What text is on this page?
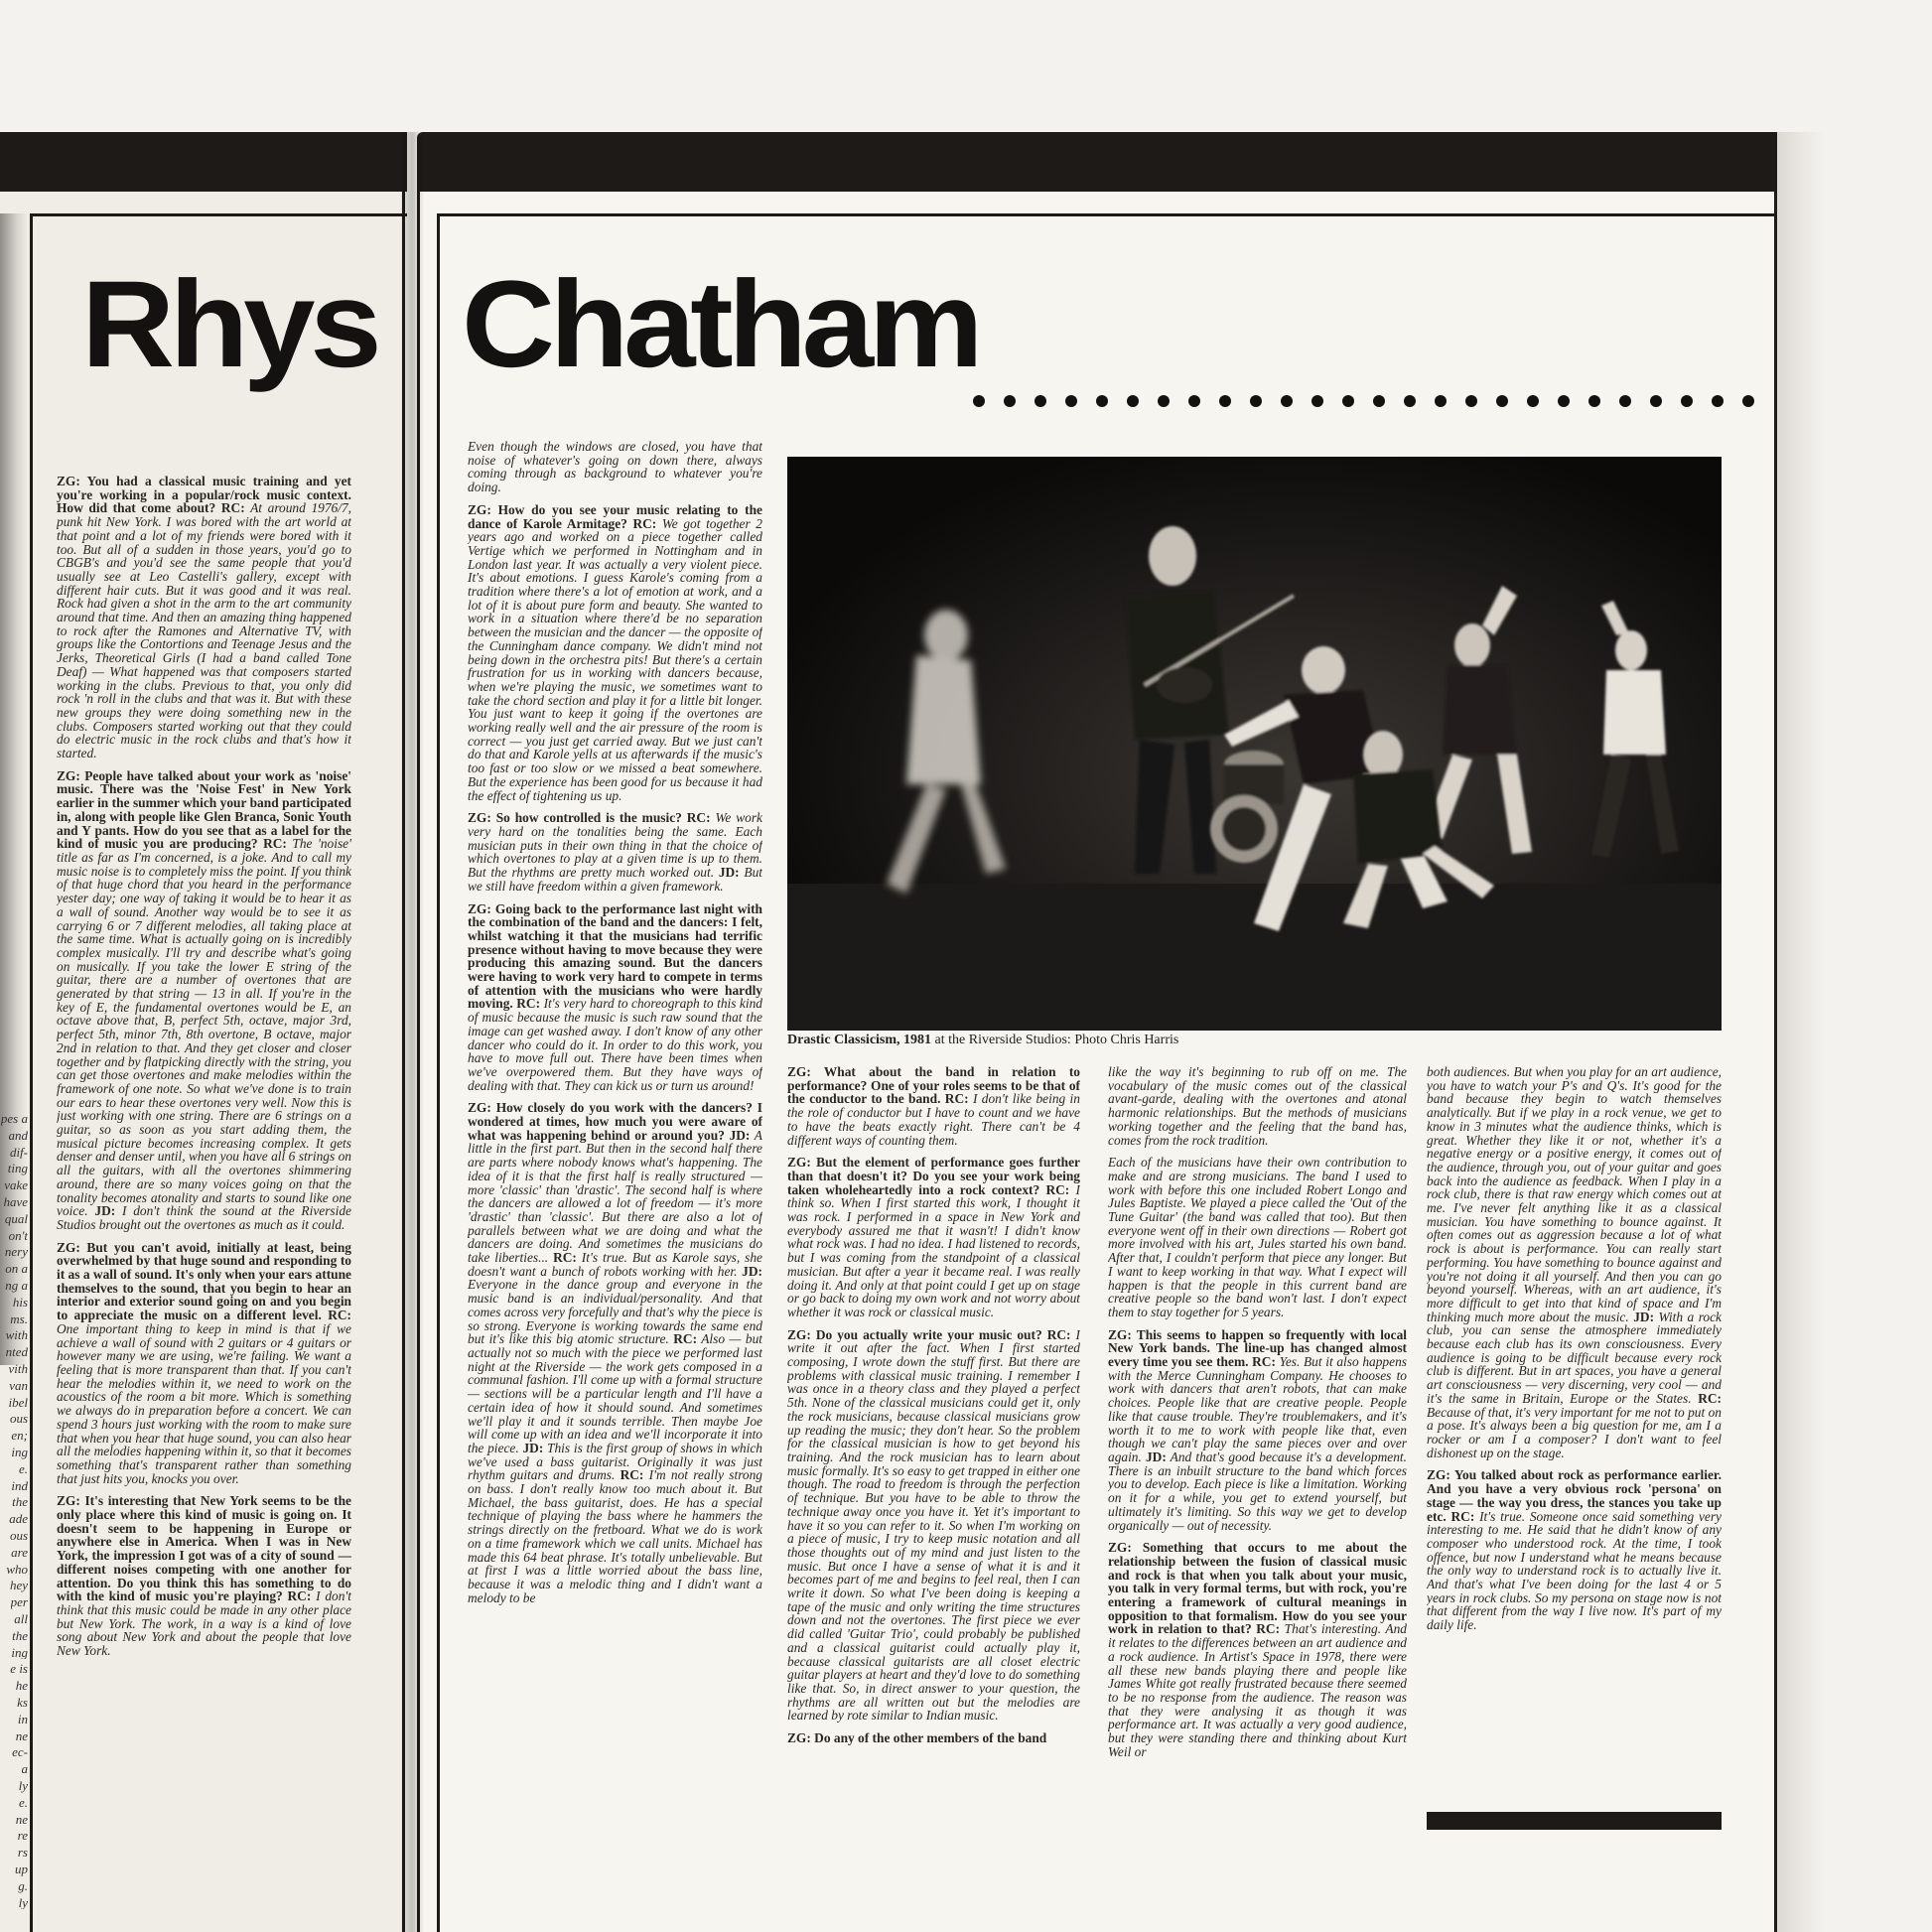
Rhys Chatham
pes a
and
dif-
ting
vake
have
qual
on't
nery
on a
ng a
his
ms.
with
nted
vith
van
ibel
ous
en;
ing
e.
ind
the
ade
ous
are
who
hey
per
all
the
ing
e is
he
ks
in
ne
ec-
a
ly
e.
ne
re
rs
up
g.
ly

ZG: You had a classical music training and yet you're working in a popular/rock music context. How did that come about? RC: At around 1976/7, punk hit New York. I was bored with the art world at that point and a lot of my friends were bored with it too. But all of a sudden in those years, you'd go to CBGB's and you'd see the same people that you'd usually see at Leo Castelli's gallery, except with different hair cuts. But it was good and it was real. Rock had given a shot in the arm to the art community around that time. And then an amazing thing happened to rock after the Ramones and Alternative TV, with groups like the Contortions and Teenage Jesus and the Jerks, Theoretical Girls (I had a band called Tone Deaf) — What happened was that composers started working in the clubs. Previous to that, you only did rock 'n roll in the clubs and that was it. But with these new groups they were doing something new in the clubs. Composers started working out that they could do electric music in the rock clubs and that's how it started.

ZG: People have talked about your work as 'noise' music. There was the 'Noise Fest' in New York earlier in the summer which your band participated in, along with people like Glen Branca, Sonic Youth and Y pants. How do you see that as a label for the kind of music you are producing? RC: The 'noise' title as far as I'm concerned, is a joke. And to call my music noise is to completely miss the point. If you think of that huge chord that you heard in the performance yester day; one way of taking it would be to hear it as a wall of sound. Another way would be to see it as carrying 6 or 7 different melodies, all taking place at the same time. What is actually going on is incredibly complex musically. I'll try and describe what's going on musically. If you take the lower E string of the guitar, there are a number of overtones that are generated by that string — 13 in all. If you're in the key of E, the fundamental overtones would be E, an octave above that, B, perfect 5th, octave, major 3rd, perfect 5th, minor 7th, 8th overtone, B octave, major 2nd in relation to that. And they get closer and closer together and by flatpicking directly with the string, you can get those overtones and make melodies within the framework of one note. So what we've done is to train our ears to hear these overtones very well. Now this is just working with one string. There are 6 strings on a guitar, so as soon as you start adding them, the musical picture becomes increasing complex. It gets denser and denser until, when you have all 6 strings on all the guitars, with all the overtones shimmering around, there are so many voices going on that the tonality becomes atonality and starts to sound like one voice. JD: I don't think the sound at the Riverside Studios brought out the overtones as much as it could.

ZG: But you can't avoid, initially at least, being overwhelmed by that huge sound and responding to it as a wall of sound. It's only when your ears attune themselves to the sound, that you begin to hear an interior and exterior sound going on and you begin to appreciate the music on a different level. RC: One important thing to keep in mind is that if we achieve a wall of sound with 2 guitars or 4 guitars or however many we are using, we're failing. We want a feeling that is more transparent than that. If you can't hear the melodies within it, we need to work on the acoustics of the room a bit more. Which is something we always do in preparation before a concert. We can spend 3 hours just working with the room to make sure that when you hear that huge sound, you can also hear all the melodies happening within it, so that it becomes something that's transparent rather than something that just hits you, knocks you over.

ZG: It's interesting that New York seems to be the only place where this kind of music is going on. It doesn't seem to be happening in Europe or anywhere else in America. When I was in New York, the impression I got was of a city of sound — different noises competing with one another for attention. Do you think this has something to do with the kind of music you're playing? RC: I don't think that this music could be made in any other place but New York. The work, in a way is a kind of love song about New York and about the people that love New York.

Even though the windows are closed, you have that noise of whatever's going on down there, always coming through as background to whatever you're doing.

ZG: How do you see your music relating to the dance of Karole Armitage? RC: We got together 2 years ago and worked on a piece together called Vertige which we performed in Nottingham and in London last year. It was actually a very violent piece. It's about emotions. I guess Karole's coming from a tradition where there's a lot of emotion at work, and a lot of it is about pure form and beauty. She wanted to work in a situation where there'd be no separation between the musician and the dancer — the opposite of the Cunningham dance company. We didn't mind not being down in the orchestra pits! But there's a certain frustration for us in working with dancers because, when we're playing the music, we sometimes want to take the chord section and play it for a little bit longer. You just want to keep it going if the overtones are working really well and the air pressure of the room is correct — you just get carried away. But we just can't do that and Karole yells at us afterwards if the music's too fast or too slow or we missed a beat somewhere. But the experience has been good for us because it had the effect of tightening us up.

ZG: So how controlled is the music? RC: We work very hard on the tonalities being the same. Each musician puts in their own thing in that the choice of which overtones to play at a given time is up to them. But the rhythms are pretty much worked out. JD: But we still have freedom within a given framework.

ZG: Going back to the performance last night with the combination of the band and the dancers: I felt, whilst watching it that the musicians had terrific presence without having to move because they were producing this amazing sound. But the dancers were having to work very hard to compete in terms of attention with the musicians who were hardly moving. RC: It's very hard to choreograph to this kind of music because the music is such raw sound that the image can get washed away. I don't know of any other dancer who could do it. In order to do this work, you have to move full out. There have been times when we've overpowered them. But they have ways of dealing with that. They can kick us or turn us around!

ZG: How closely do you work with the dancers? I wondered at times, how much you were aware of what was happening behind or around you? JD: A little in the first part. But then in the second half there are parts where nobody knows what's happening. The idea of it is that the first half is really structured — more 'classic' than 'drastic'. The second half is where the dancers are allowed a lot of freedom — it's more 'drastic' than 'classic'. But there are also a lot of parallels between what we are doing and what the dancers are doing. And sometimes the musicians do take liberties... RC: It's true. But as Karole says, she doesn't want a bunch of robots working with her. JD: Everyone in the dance group and everyone in the music band is an individual/personality. And that comes across very forcefully and that's why the piece is so strong. Everyone is working towards the same end but it's like this big atomic structure. RC: Also — but actually not so much with the piece we performed last night at the Riverside — the work gets composed in a communal fashion. I'll come up with a formal structure — sections will be a particular length and I'll have a certain idea of how it should sound. And sometimes we'll play it and it sounds terrible. Then maybe Joe will come up with an idea and we'll incorporate it into the piece. JD: This is the first group of shows in which we've used a bass guitarist. Originally it was just rhythm guitars and drums. RC: I'm not really strong on bass. I don't really know too much about it. But Michael, the bass guitarist, does. He has a special technique of playing the bass where he hammers the strings directly on the fretboard. What we do is work on a time framework which we call units. Michael has made this 64 beat phrase. It's totally unbelievable. But at first I was a little worried about the bass line, because it was a melodic thing and I didn't want a melody to be

ZG: What about the band in relation to performance? One of your roles seems to be that of the conductor to the band. RC: I don't like being in the role of conductor but I have to count and we have to have the beats exactly right. There can't be 4 different ways of counting them.

ZG: But the element of performance goes further than that doesn't it? Do you see your work being taken wholeheartedly into a rock context? RC: I think so. When I first started this work, I thought it was rock. I performed in a space in New York and everybody assured me that it wasn't! I didn't know what rock was. I had no idea. I had listened to records, but I was coming from the standpoint of a classical musician. But after a year it became real. I was really doing it. And only at that point could I get up on stage or go back to doing my own work and not worry about whether it was rock or classical music.

ZG: Do you actually write your music out? RC: I write it out after the fact. When I first started composing, I wrote down the stuff first. But there are problems with classical music training. I remember I was once in a theory class and they played a perfect 5th. None of the classical musicians could get it, only the rock musicians, because classical musicians grow up reading the music; they don't hear. So the problem for the classical musician is how to get beyond his training. And the rock musician has to learn about music formally. It's so easy to get trapped in either one though. The road to freedom is through the perfection of technique. But you have to be able to throw the technique away once you have it. Yet it's important to have it so you can refer to it. So when I'm working on a piece of music, I try to keep music notation and all those thoughts out of my mind and just listen to the music. But once I have a sense of what it is and it becomes part of me and begins to feel real, then I can write it down. So what I've been doing is keeping a tape of the music and only writing the time structures down and not the overtones. The first piece we ever did called 'Guitar Trio', could probably be published and a classical guitarist could actually play it, because classical guitarists are all closet electric guitar players at heart and they'd love to do something like that. So, in direct answer to your question, the rhythms are all written out but the melodies are learned by rote similar to Indian music.

ZG: Do any of the other members of the band

like the way it's beginning to rub off on me. The vocabulary of the music comes out of the classical avant-garde, dealing with the overtones and atonal harmonic relationships. But the methods of musicians working together and the feeling that the band has, comes from the rock tradition.

Each of the musicians have their own contribution to make and are strong musicians. The band I used to work with before this one included Robert Longo and Jules Baptiste. We played a piece called the 'Out of the Tune Guitar' (the band was called that too). But then everyone went off in their own directions — Robert got more involved with his art, Jules started his own band. After that, I couldn't perform that piece any longer. But I want to keep working in that way. What I expect will happen is that the people in this current band are creative people so the band won't last. I don't expect them to stay together for 5 years.

ZG: This seems to happen so frequently with local New York bands. The line-up has changed almost every time you see them. RC: Yes. But it also happens with the Merce Cunningham Company. He chooses to work with dancers that aren't robots, that can make choices. People like that are creative people. People like that cause trouble. They're troublemakers, and it's worth it to me to work with people like that, even though we can't play the same pieces over and over again. JD: And that's good because it's a development. There is an inbuilt structure to the band which forces you to develop. Each piece is like a limitation. Working on it for a while, you get to extend yourself, but ultimately it's limiting. So this way we get to develop organically — out of necessity.

ZG: Something that occurs to me about the relationship between the fusion of classical music and rock is that when you talk about your music, you talk in very formal terms, but with rock, you're entering a framework of cultural meanings in opposition to that formalism. How do you see your work in relation to that? RC: That's interesting. And it relates to the differences between an art audience and a rock audience. In Artist's Space in 1978, there were all these new bands playing there and people like James White got really frustrated because there seemed to be no response from the audience. The reason was that they were analysing it as though it was performance art. It was actually a very good audience, but they were standing there and thinking about Kurt Weil or

both audiences. But when you play for an art audience, you have to watch your P's and Q's. It's good for the band because they begin to watch themselves analytically. But if we play in a rock venue, we get to know in 3 minutes what the audience thinks, which is great. Whether they like it or not, whether it's a negative energy or a positive energy, it comes out of the audience, through you, out of your guitar and goes back into the audience as feedback. When I play in a rock club, there is that raw energy which comes out at me. I've never felt anything like it as a classical musician. You have something to bounce against. It often comes out as aggression because a lot of what rock is about is performance. You can really start performing. You have something to bounce against and you're not doing it all yourself. And then you can go beyond yourself. Whereas, with an art audience, it's more difficult to get into that kind of space and I'm thinking much more about the music. JD: With a rock club, you can sense the atmosphere immediately because each club has its own consciousness. Every audience is going to be difficult because every rock club is different. But in art spaces, you have a general art consciousness — very discerning, very cool — and it's the same in Britain, Europe or the States. RC: Because of that, it's very important for me not to put on a pose. It's always been a big question for me, am I a rocker or am I a composer? I don't want to feel dishonest up on the stage.

ZG: You talked about rock as performance earlier. And you have a very obvious rock 'persona' on stage — the way you dress, the stances you take up etc. RC: It's true. Someone once said something very interesting to me. He said that he didn't know of any composer who understood rock. At the time, I took offence, but now I understand what he means because the only way to understand rock is to actually live it. And that's what I've been doing for the last 4 or 5 years in rock clubs. So my persona on stage now is not that different from the way I live now. It's part of my daily life.

Drastic Classicism, 1981 at the Riverside Studios: Photo Chris Harris
